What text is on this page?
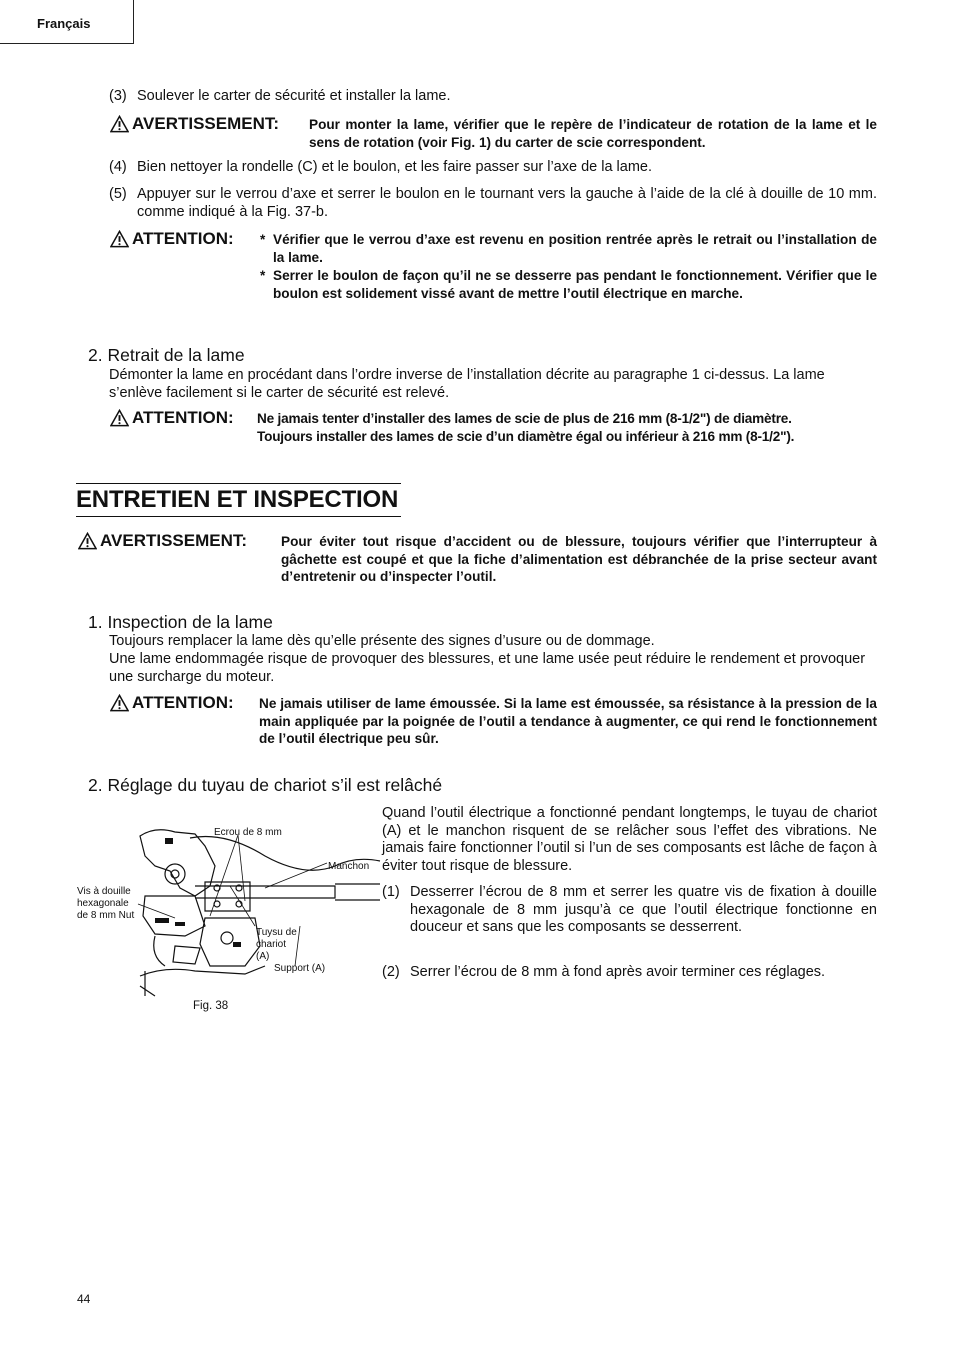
Français
(3) Soulever le carter de sécurité et installer la lame.
AVERTISSEMENT: Pour monter la lame, vérifier que le repère de l’indicateur de rotation de la lame et le sens de rotation (voir Fig. 1) du carter de scie correspondent.
(4) Bien nettoyer la rondelle (C) et le boulon, et les faire passer sur l’axe de la lame.
(5) Appuyer sur le verrou d’axe et serrer le boulon en le tournant vers la gauche à l’aide de la clé à douille de 10 mm. comme indiqué à la Fig. 37-b.
ATTENTION: * Vérifier que le verrou d’axe est revenu en position rentrée après le retrait ou l’installation de la lame.
* Serrer le boulon de façon qu’il ne se desserre pas pendant le fonctionnement. Vérifier que le boulon est solidement vissé avant de mettre l’outil électrique en marche.
2. Retrait de la lame
Démonter la lame en procédant dans l’ordre inverse de l’installation décrite au paragraphe 1 ci-dessus. La lame s’enlève facilement si le carter de sécurité est relevé.
ATTENTION: Ne jamais tenter d’installer des lames de scie de plus de 216 mm (8-1/2") de diamètre.
Toujours installer des lames de scie d’un diamètre égal ou inférieur à 216 mm (8-1/2").
ENTRETIEN ET INSPECTION
AVERTISSEMENT: Pour éviter tout risque d’accident ou de blessure, toujours vérifier que l’interrupteur à gâchette est coupé et que la fiche d’alimentation est débranchée de la prise secteur avant d’entretenir ou d’inspecter l’outil.
1. Inspection de la lame
Toujours remplacer la lame dès qu’elle présente des signes d’usure ou de dommage.
Une lame endommagée risque de provoquer des blessures, et une lame usée peut réduire le rendement et provoquer une surcharge du moteur.
ATTENTION: Ne jamais utiliser de lame émoussée. Si la lame est émoussée, sa résistance à la pression de la main appliquée par la poignée de l’outil a tendance à augmenter, ce qui rend le fonctionnement de l’outil électrique peu sûr.
2. Réglage du tuyau de chariot s’il est relâché
Quand l’outil électrique a fonctionné pendant longtemps, le tuyau de chariot (A) et le manchon risquent de se relâcher sous l’effet des vibrations. Ne jamais faire fonctionner l’outil si l’un de ses composants est lâche de façon à éviter tout risque de blessure.
(1) Desserrer l’écrou de 8 mm et serrer les quatre vis de fixation à douille hexagonale de 8 mm jusqu’à ce que l’outil électrique fonctionne en douceur et sans que les composants se desserrent.
(2) Serrer l’écrou de 8 mm à fond après avoir terminer ces réglages.
Ecrou de 8 mm
Manchon
Vis à douille
hexagonale
de 8 mm Nut
Tuysu de
chariot
(A)
Support (A)
Fig. 38
44
